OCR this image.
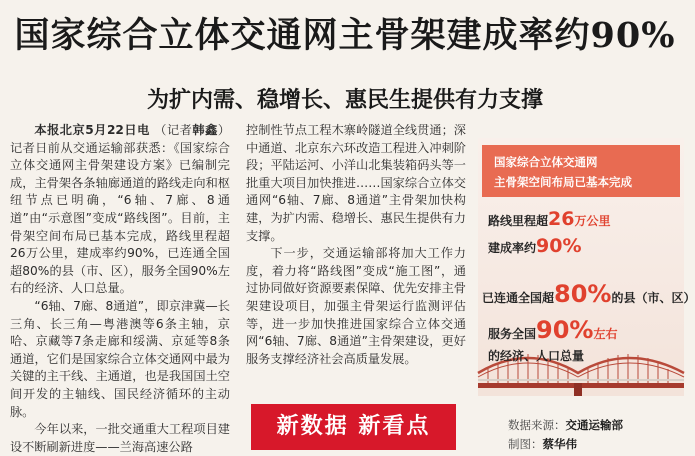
国家综合立体交通网主骨架建成率约90%
为扩内需、稳增长、惠民生提供有力支撑

本报北京5月22日电 （记者韩鑫） 记者日前从交通运输部获悉：《国家综合立体交通网主骨架建设方案》已编制完成，主骨架各条轴廊通道的路线走向和枢纽节点已明确，“6轴、7廊、8通道”由“示意图”变成“路线图”。目前，主骨架空间布局已基本完成，路线里程超26万公里，建成率约90%，已连通全国超80%的县（市、区），服务全国90%左右的经济、人口总量。

“6轴、7廊、8通道”，即京津冀—长三角、长三角—粤港澳等6条主轴，京哈、京藏等7条走廊和绥满、京延等8条通道，它们是国家综合立体交通网中最为关键的主干线、主通道，也是我国国土空间开发的主轴线、国民经济循环的主动脉。

今年以来，一批交通重大工程项目建设不断刷新进度——兰海高速公路

控制性节点工程木寨岭隧道全线贯通；深中通道、北京东六环改造工程进入冲刺阶段；平陆运河、小洋山北集装箱码头等一批重大项目加快推进……国家综合立体交通网“6轴、7廊、8通道”主骨架加快构建，为扩内需、稳增长、惠民生提供有力支撑。

下一步，交通运输部将加大工作力度，着力将“路线图”变成“施工图”，通过协同做好资源要素保障、优先安排主骨架建设项目，加强主骨架运行监测评估等，进一步加快推进国家综合立体交通网“6轴、7廊、8通道”主骨架建设，更好服务支撑经济社会高质量发展。

新数据 新看点
国家综合立体交通网
主骨架空间布局已基本完成
路线里程超26万公里
建成率约90%
已连通全国超80%的县（市、区）
服务全国90%左右
的经济、人口总量
数据来源：交通运输部
制图：蔡华伟
